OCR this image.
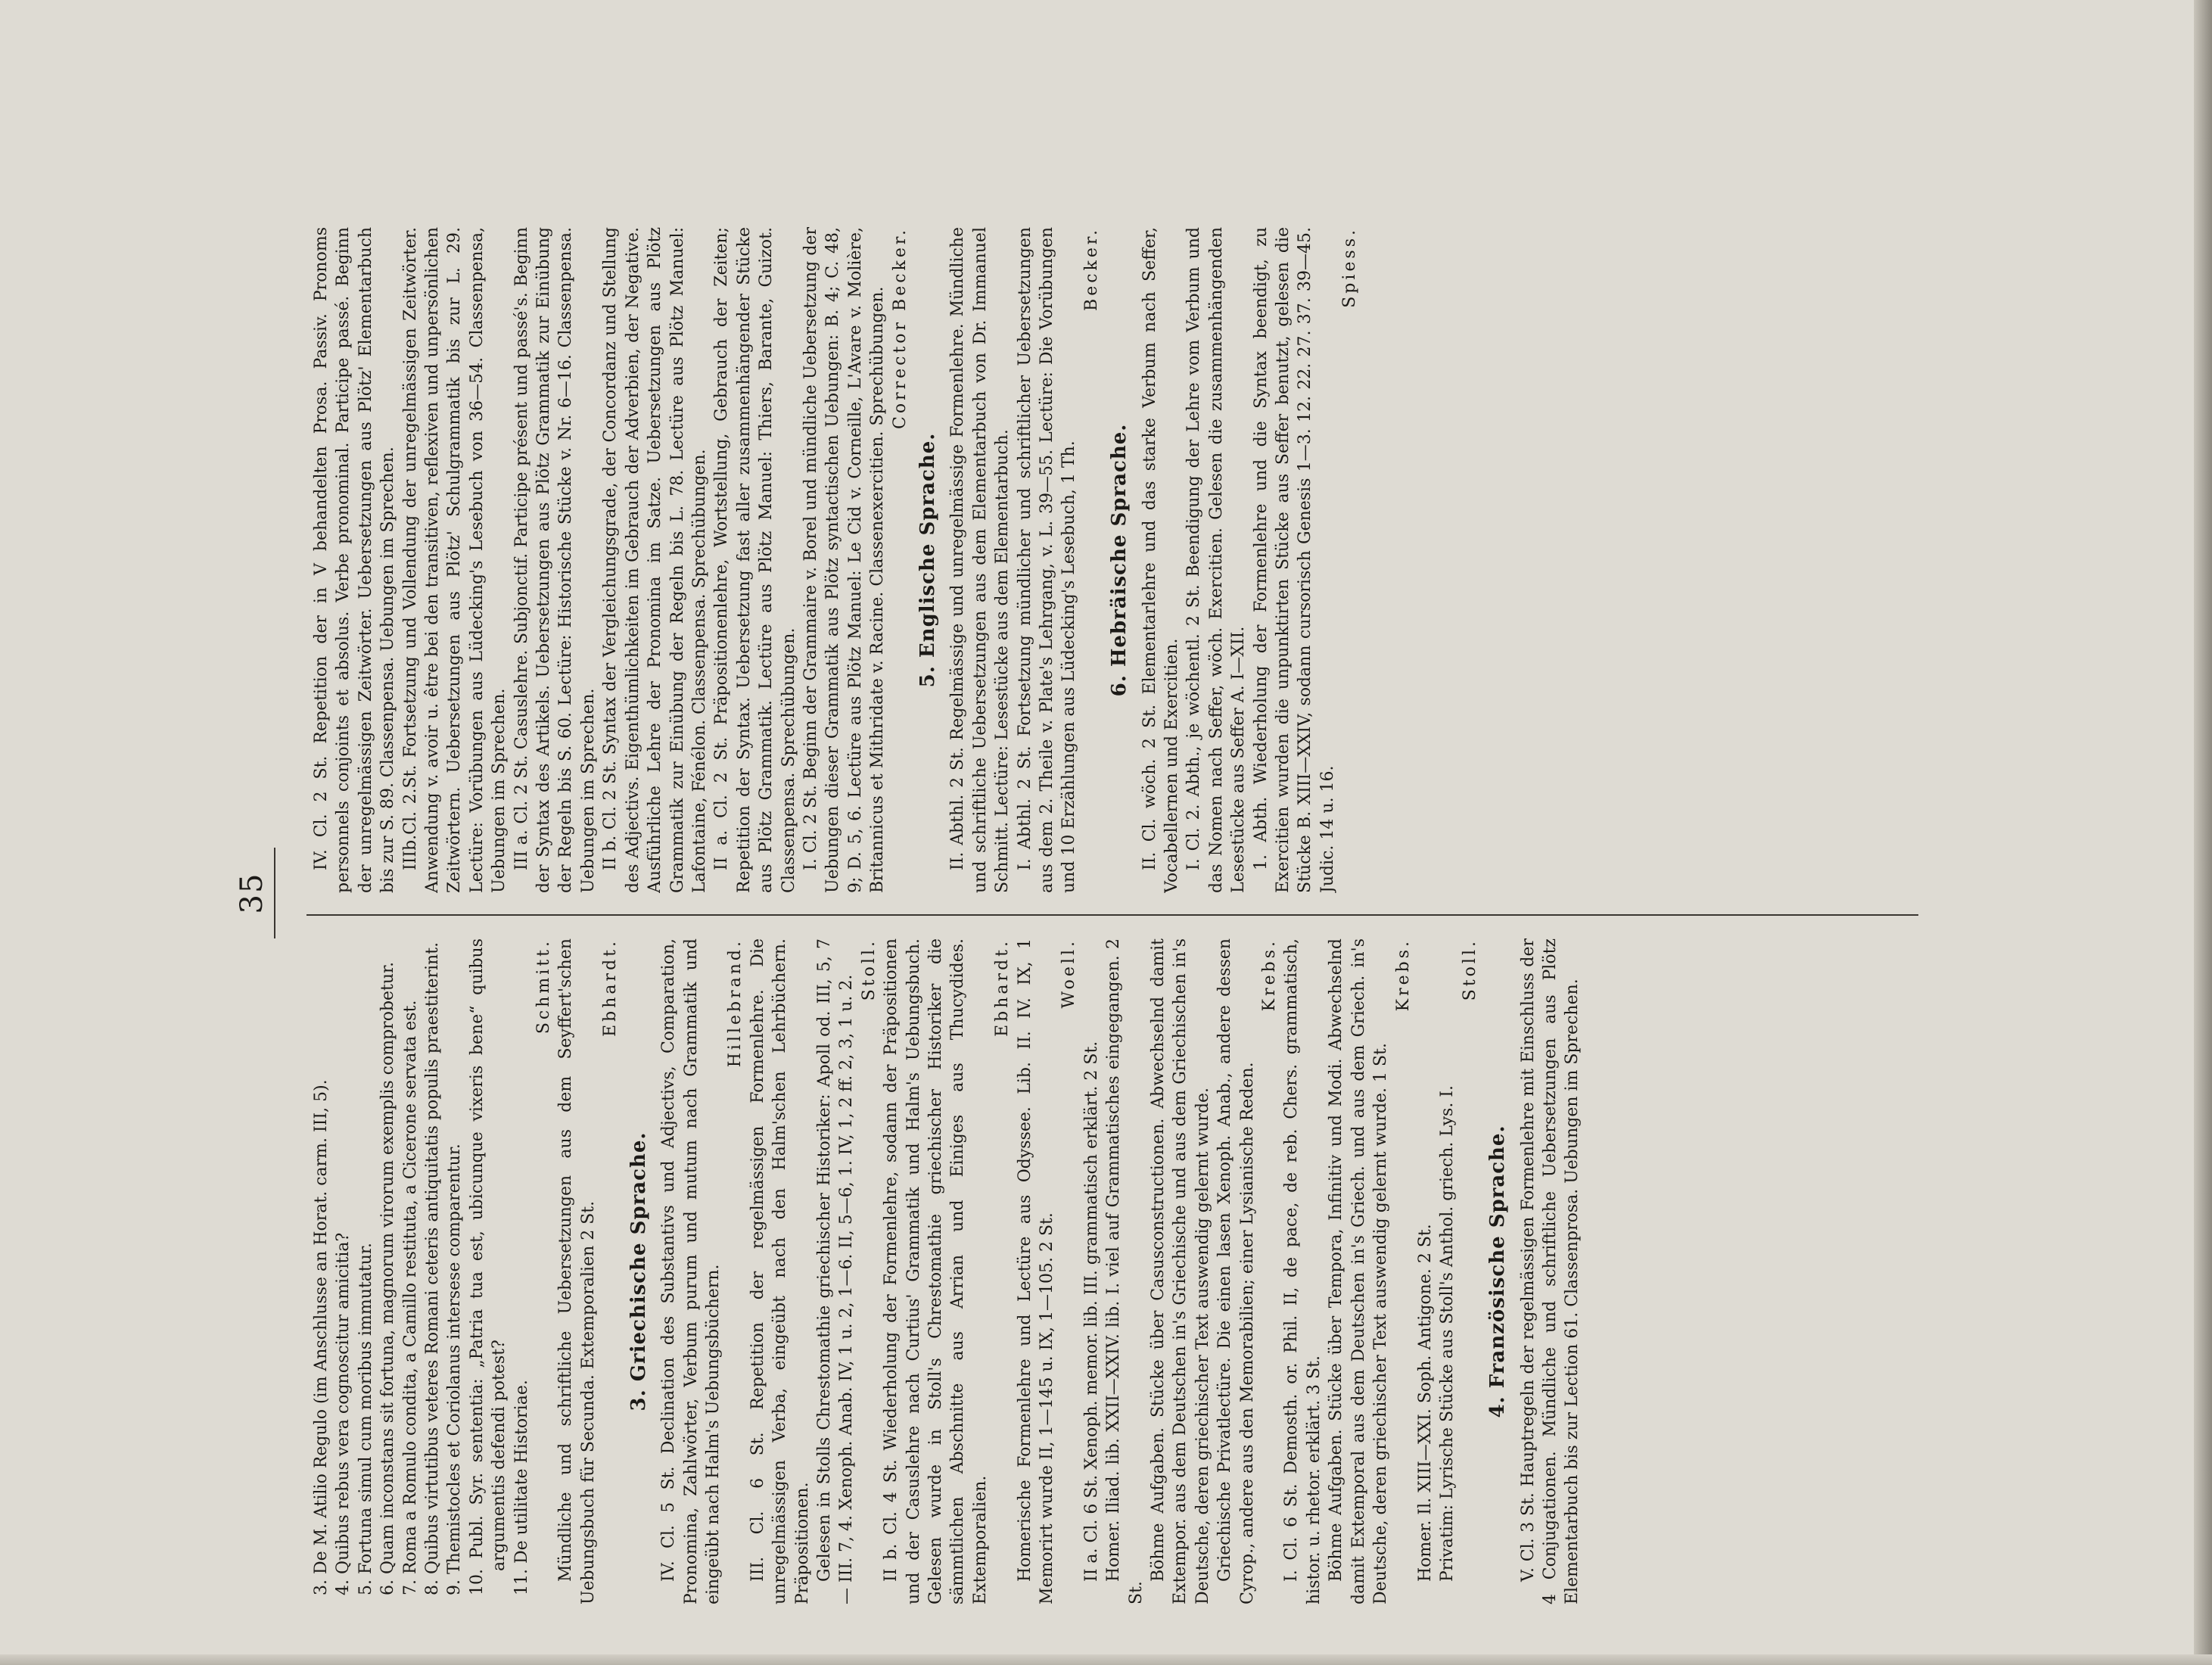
35

3. De M. Atilio Regulo (im Anschlusse an Horat. carm. III, 5). 4. Quibus rebus vera cognoscitur amicitia? 5. Fortuna simul cum moribus immutatur. 6. Quam inconstans sit fortuna, magnorum virorum exemplis comprobetur. 7. Roma a Romulo condita, a Camillo restituta, a Cicerone servata est. 8. Quibus virtutibus veteres Romani ceteris antiquitatis populis praestiterint. 9. Themistocles et Coriolanus intersese comparentur. 10. Publ. Syr. sententia: „Patria tua est, ubicunque vixeris bene“ quibus argumentis defendi potest? 11. De utilitate Historiae.

Schmitt. Mündliche und schriftliche Uebersetzungen aus dem Seyffert'schen Uebungsbuch für Secunda. Extemporalien 2 St.

Ebhardt.
3. Griechische Sprache. IV. Cl. 5 St. Declination des Substantivs und Adjectivs, Comparation, Pronomina, Zahlwörter, Verbum purum und mutum nach Grammatik und eingeübt nach Halm's Uebungsbüchern.

Hillebrand. III. Cl. 6 St. Repetition der regelmässigen Formenlehre. Die unregelmässigen Verba, eingeübt nach den Halm'schen Lehrbüchern. Präpositionen. Gelesen in Stolls Chrestomathie griechischer Historiker: Apoll od. III, 5, 7 — III. 7, 4. Xenoph. Anab. IV, 1 u. 2, 1—6. II, 5—6, 1. IV, 1, 2 ff. 2, 3, 1 u. 2.

Stoll. II b. Cl. 4 St. Wiederholung der Formenlehre, sodann der Präpositionen und der Casuslehre nach Curtius' Grammatik und Halm's Uebungsbuch. Gelesen wurde in Stoll's Chrestomathie griechischer Historiker die sämmtlichen Abschnitte aus Arrian und Einiges aus Thucydides. Extemporalien.

Ebhardt. Homerische Formenlehre und Lectüre aus Odyssee. Lib. II. IV. IX, 1 Memorirt wurde II, 1—145 u. IX, 1—105. 2 St.

Woell.

II a. Cl. 6 St. Xenoph. memor. lib. III. grammatisch erklärt. 2 St. Homer. Iliad. lib. XXII—XXIV. lib. I. viel auf Grammatisches eingegangen. 2 St.

Böhme Aufgaben. Stücke über Casusconstructionen. Abwechselnd damit Extempor. aus dem Deutschen in's Griechische und aus dem Griechischen in's Deutsche, deren griechischer Text auswendig gelernt wurde. Griechische Privatlectüre. Die einen lasen Xenoph. Anab., andere dessen Cyrop., andere aus den Memorabilien; einer Lysianische Reden.

Krebs. I. Cl. 6 St. Demosth. or. Phil. II, de pace, de reb. Chers. grammatisch, histor. u. rhetor. erklärt. 3 St. Böhme Aufgaben. Stücke über Tempora, Infinitiv und Modi. Abwechselnd damit Extemporal aus dem Deutschen in's Griech. und aus dem Griech. in's Deutsche, deren griechischer Text auswendig gelernt wurde. 1 St.

Krebs.

Homer. Il. XIII—XXI. Soph. Antigone. 2 St. Privatim: Lyrische Stücke aus Stoll's Anthol. griech. Lys. I.

Stoll.
4. Französische Sprache. V. Cl. 3 St. Hauptregeln der regelmässigen Formenlehre mit Einschluss der 4 Conjugationen. Mündliche und schriftliche Uebersetzungen aus Plötz Elementarbuch bis zur Lection 61. Classenprosa. Uebungen im Sprechen.

IV. Cl. 2 St. Repetition der in V behandelten Prosa. Passiv. Pronoms personnels conjoints et absolus. Verbe pronominal. Participe passé. Beginn der unregelmässigen Zeitwörter. Uebersetzungen aus Plötz' Elementarbuch bis zur S. 89. Classenpensa. Uebungen im Sprechen. IIIb.Cl. 2.St. Fortsetzung und Vollendung der unregelmässigen Zeitwörter. Anwendung v. avoir u. être bei den transitiven, reflexiven und unpersönlichen Zeitwörtern. Uebersetzungen aus Plötz' Schulgrammatik bis zur L. 29. Lectüre: Vorübungen aus Lüdecking's Lesebuch von 36—54. Classenpensa, Uebungen im Sprechen. III a. Cl. 2 St. Casuslehre. Subjonctif. Participe présent und passé's. Beginn der Syntax des Artikels. Uebersetzungen aus Plötz Grammatik zur Einübung der Regeln bis S. 60. Lectüre: Historische Stücke v. Nr. 6—16. Classenpensa. Uebungen im Sprechen. II b. Cl. 2 St. Syntax der Vergleichungsgrade, der Concordanz und Stellung des Adjectivs. Eigenthümlichkeiten im Gebrauch der Adverbien, der Negative. Ausführliche Lehre der Pronomina im Satze. Uebersetzungen aus Plötz Grammatik zur Einübung der Regeln bis L. 78. Lectüre aus Plötz Manuel: Lafontaine, Fénélon. Classenpensa. Sprechübungen. II a. Cl. 2 St. Präpositionenlehre, Wortstellung, Gebrauch der Zeiten; Repetition der Syntax. Uebersetzung fast aller zusammenhängender Stücke aus Plötz Grammatik. Lectüre aus Plötz Manuel: Thiers, Barante, Guizot. Classenpensa. Sprechübungen. I. Cl. 2 St. Beginn der Grammaire v. Borel und mündliche Uebersetzung der Uebungen dieser Grammatik aus Plötz syntactischen Uebungen: B. 4; C. 48, 9; D. 5, 6. Lectüre aus Plötz Manuel: Le Cid v. Corneille, L'Avare v. Molière, Britannicus et Mithridate v. Racine. Classenexercitien. Sprechübungen. Corrector Becker.
5. Englische Sprache. II. Abthl. 2 St. Regelmässige und unregelmässige Formenlehre. Mündliche und schriftliche Uebersetzungen aus dem Elementarbuch von Dr. Immanuel Schmitt. Lectüre: Lesestücke aus dem Elementarbuch. I. Abthl. 2 St. Fortsetzung mündlicher und schriftlicher Uebersetzungen aus dem 2. Theile v. Plate's Lehrgang, v. L. 39—55. Lectüre: Die Vorübungen und 10 Erzählungen aus Lüdecking's Lesebuch, 1 Th.

Becker.
6. Hebräische Sprache. II. Cl. wöch. 2 St. Elementarlehre und das starke Verbum nach Seffer, Vocabellernen und Exercitien. I. Cl. 2. Abth., je wöchentl. 2 St. Beendigung der Lehre vom Verbum und das Nomen nach Seffer, wöch. Exercitien. Gelesen die zusammenhängenden Lesestücke aus Seffer A. I—XII. 1. Abth. Wiederholung der Formenlehre und die Syntax beendigt, zu Exercitien wurden die unpunktirten Stücke aus Seffer benutzt, gelesen die Stücke B. XIII—XXIV, sodann cursorisch Genesis 1—3. 12. 22. 27. 37. 39—45. Judic. 14 u. 16.

Spiess.
